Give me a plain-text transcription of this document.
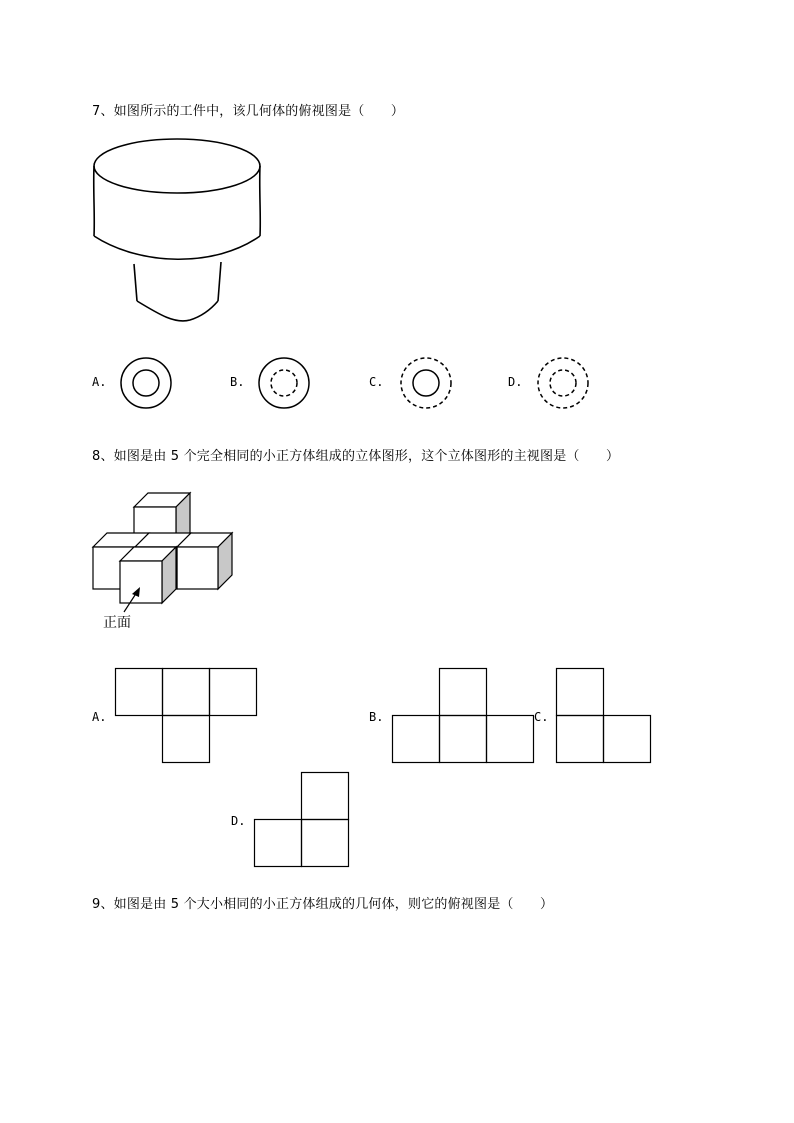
7、如图所示的工件中，该几何体的俯视图是（　　）
A.	B.	C.	D.
8、如图是由 5 个完全相同的小正方体组成的立体图形，这个立体图形的主视图是（　　）
正面
A.	B.	C.
D.
9、如图是由 5 个大小相同的小正方体组成的几何体，则它的俯视图是（　　）
